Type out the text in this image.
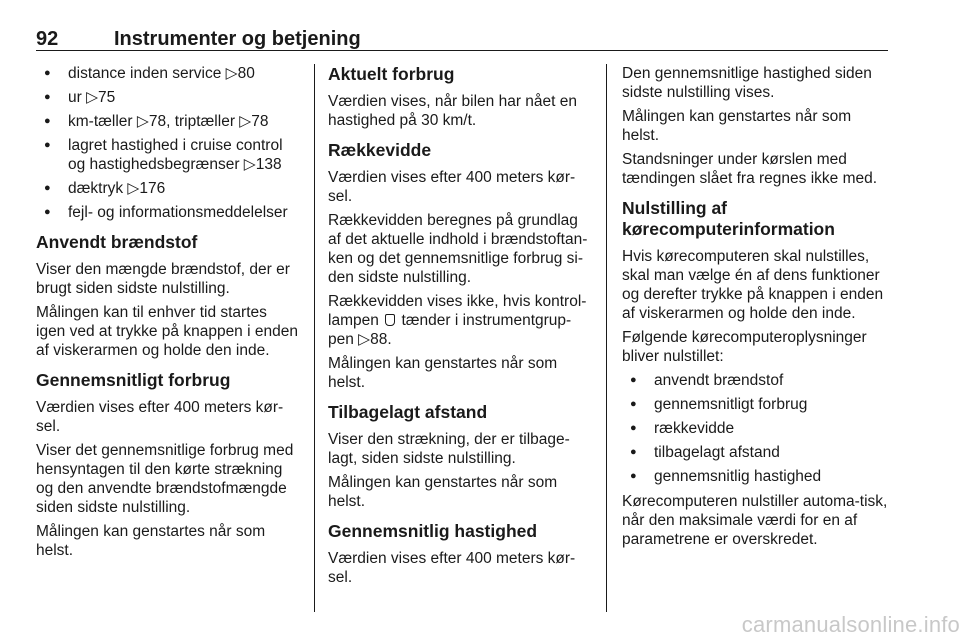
92	Instrumenter og betjening
● distance inden service ▷ 80
● ur ▷ 75
● km-tæller ▷ 78, triptæller ▷ 78
● lagret hastighed i cruise control og hastighedsbegrænser ▷ 138
● dæktryk ▷ 176
● fejl- og informationsmeddelelser
Anvendt brændstof

Viser den mængde brændstof, der er brugt siden sidste nulstilling.

Målingen kan til enhver tid startes igen ved at trykke på knappen i enden af viskerarmen og holde den inde.

Gennemsnitligt forbrug

Værdien vises efter 400 meters kør-sel.

Viser det gennemsnitlige forbrug med hensyntagen til den kørte strækning og den anvendte brændstofmængde siden sidste nulstilling.

Målingen kan genstartes når som helst.

Aktuelt forbrug

Værdien vises, når bilen har nået en hastighed på 30 km/t.

Rækkevidde

Værdien vises efter 400 meters kør-sel.

Rækkevidden beregnes på grundlag af det aktuelle indhold i brændstoftan-ken og det gennemsnitlige forbrug si-den sidste nulstilling.

Rækkevidden vises ikke, hvis kontrol-lampen tænder i instrumentgrup-pen ▷ 88.

Målingen kan genstartes når som helst.

Tilbagelagt afstand

Viser den strækning, der er tilbage-lagt, siden sidste nulstilling.

Målingen kan genstartes når som helst.

Gennemsnitlig hastighed

Værdien vises efter 400 meters kør-sel.

Den gennemsnitlige hastighed siden sidste nulstilling vises.

Målingen kan genstartes når som helst.

Standsninger under kørslen med tændingen slået fra regnes ikke med.

Nulstilling af kørecomputerinformation

Hvis kørecomputeren skal nulstilles, skal man vælge én af dens funktioner og derefter trykke på knappen i enden af viskerarmen og holde den inde.

Følgende kørecomputeroplysninger bliver nulstillet:

● anvendt brændstof
● gennemsnitligt forbrug
● rækkevidde
● tilbagelagt afstand
● gennemsnitlig hastighed

Kørecomputeren nulstiller automa-tisk, når den maksimale værdi for en af parametrene er overskredet.

carmanualsonline.info
